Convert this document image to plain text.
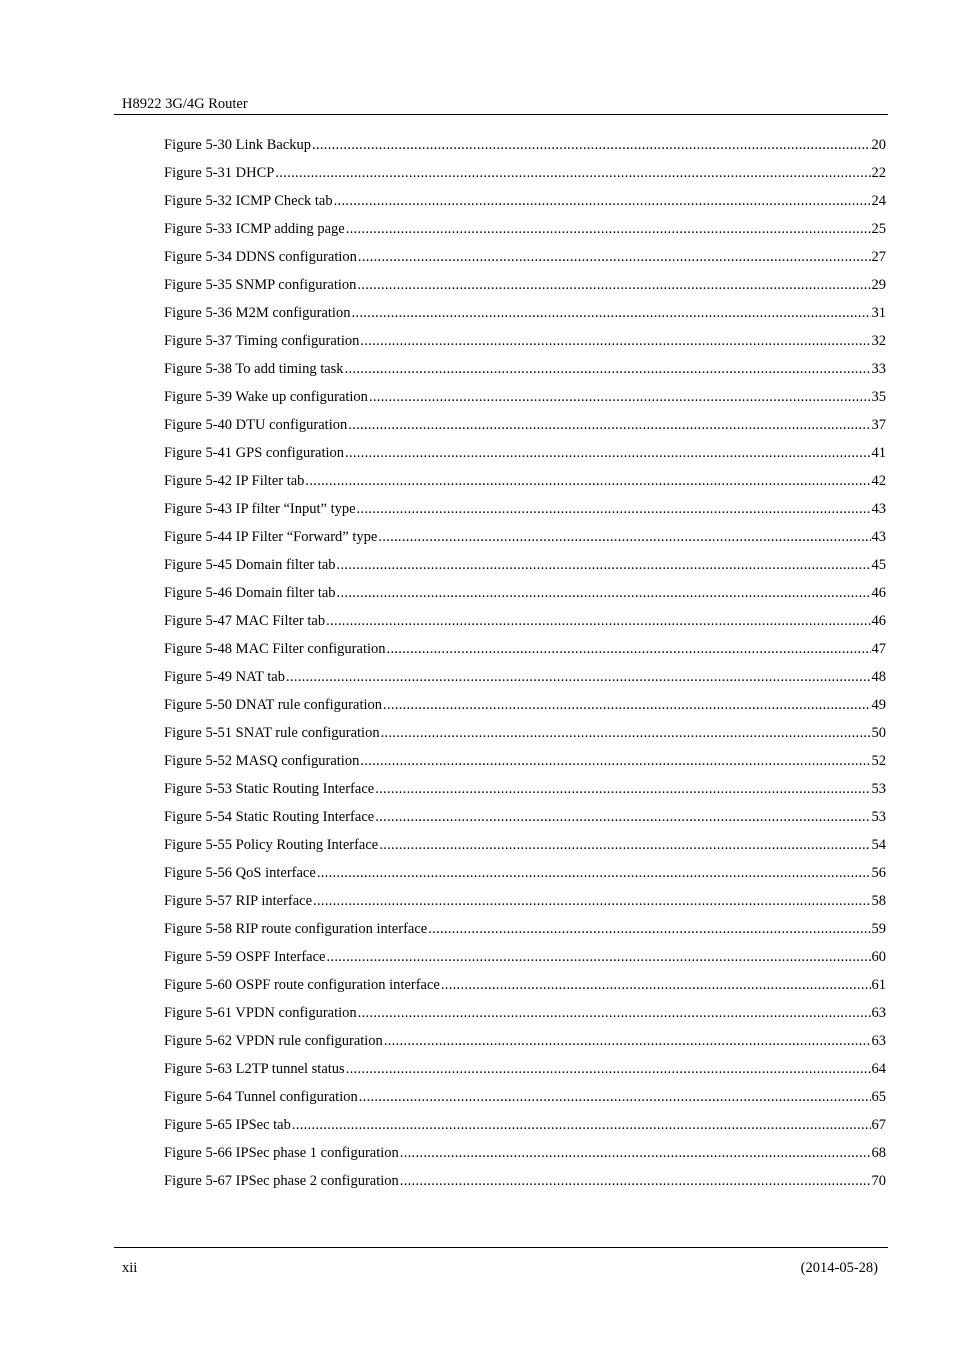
H8922 3G/4G Router
Figure 5-30 Link Backup .....	20
Figure 5-31 DHCP .....	22
Figure 5-32 ICMP Check tab .....	24
Figure 5-33 ICMP adding page .....	25
Figure 5-34 DDNS configuration .....	27
Figure 5-35 SNMP configuration .....	29
Figure 5-36 M2M configuration .....	31
Figure 5-37 Timing configuration .....	32
Figure 5-38 To add timing task .....	33
Figure 5-39 Wake up configuration .....	35
Figure 5-40 DTU configuration .....	37
Figure 5-41 GPS configuration .....	41
Figure 5-42 IP Filter tab .....	42
Figure 5-43 IP filter “Input” type .....	43
Figure 5-44 IP Filter “Forward” type .....	43
Figure 5-45 Domain filter tab .....	45
Figure 5-46 Domain filter tab .....	46
Figure 5-47 MAC Filter tab .....	46
Figure 5-48 MAC Filter configuration .....	47
Figure 5-49 NAT tab .....	48
Figure 5-50 DNAT rule configuration .....	49
Figure 5-51 SNAT rule configuration .....	50
Figure 5-52 MASQ configuration .....	52
Figure 5-53 Static Routing Interface .....	53
Figure 5-54 Static Routing Interface .....	53
Figure 5-55 Policy Routing Interface .....	54
Figure 5-56 QoS interface .....	56
Figure 5-57 RIP interface .....	58
Figure 5-58 RIP route configuration interface .....	59
Figure 5-59 OSPF Interface .....	60
Figure 5-60 OSPF route configuration interface .....	61
Figure 5-61 VPDN configuration .....	63
Figure 5-62 VPDN rule configuration .....	63
Figure 5-63 L2TP tunnel status .....	64
Figure 5-64 Tunnel configuration .....	65
Figure 5-65 IPSec tab .....	67
Figure 5-66 IPSec phase 1 configuration .....	68
Figure 5-67 IPSec phase 2 configuration .....	70
xii	(2014-05-28)
